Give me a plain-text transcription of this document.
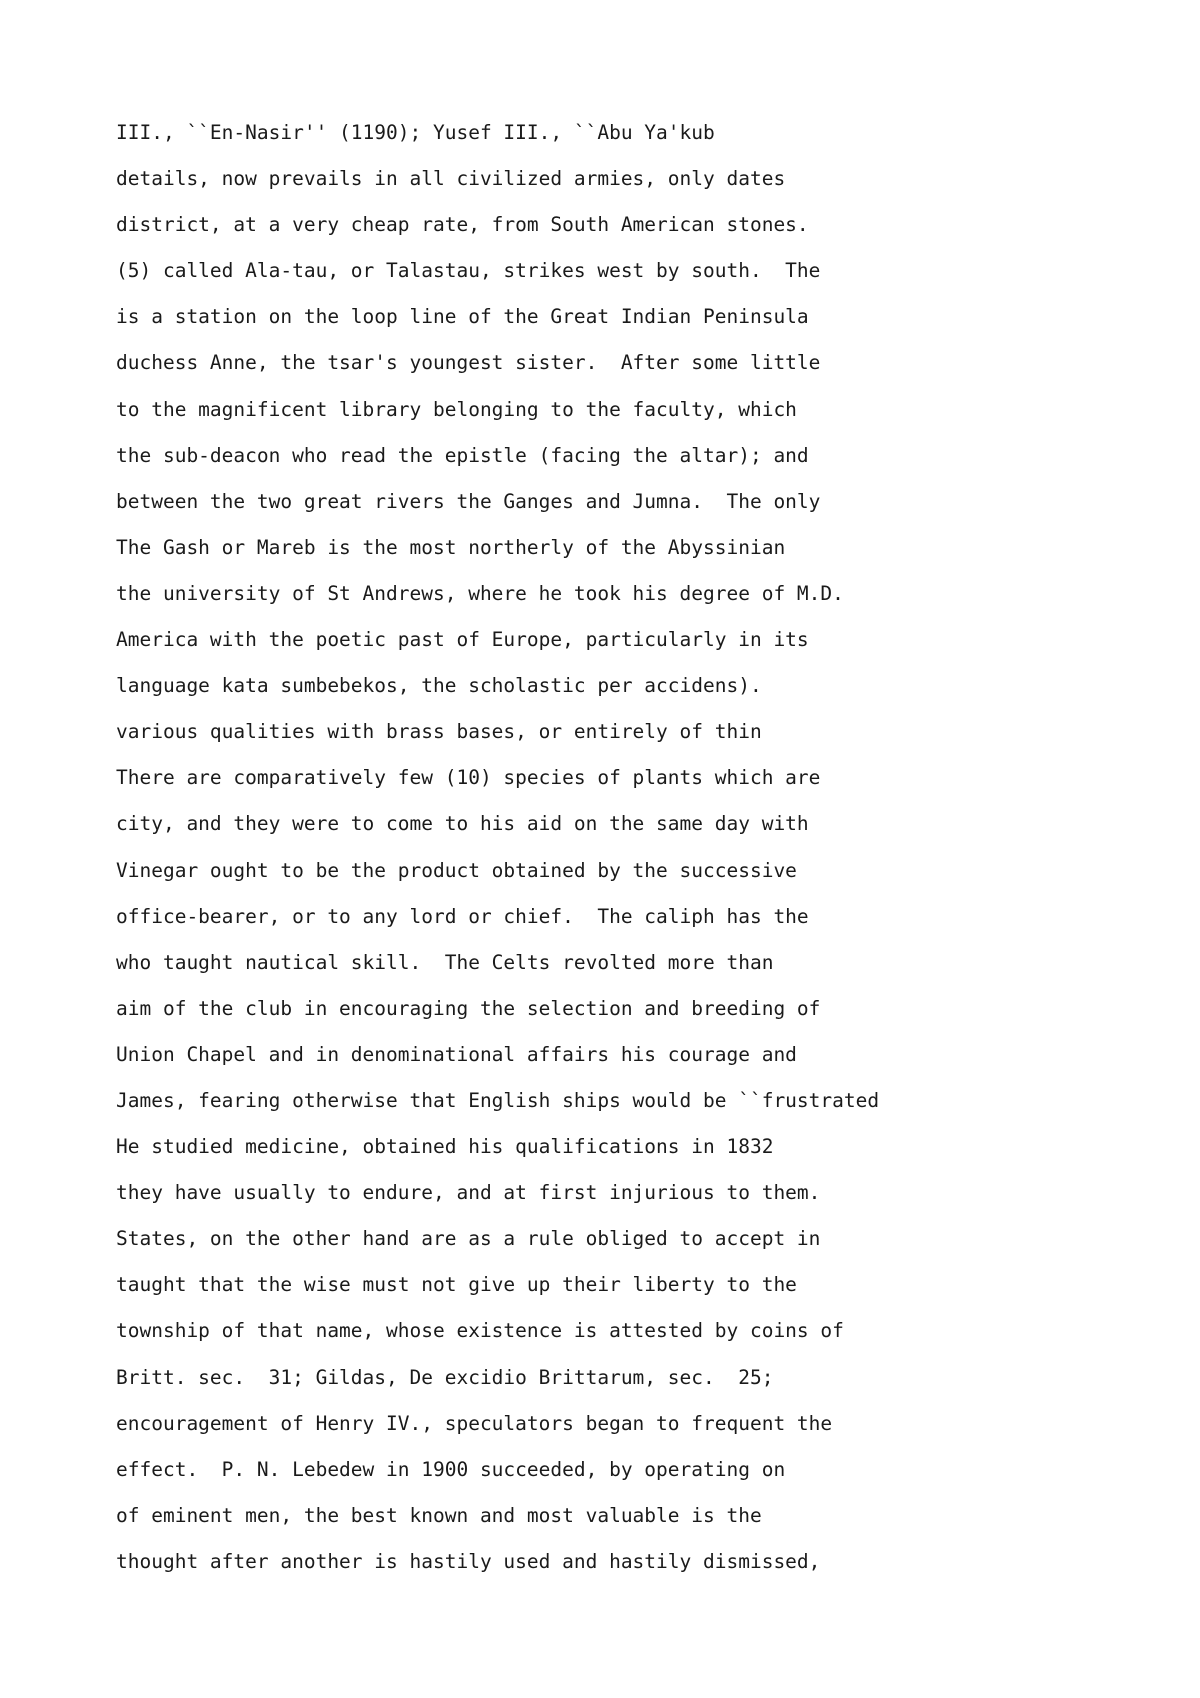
III., ``En-Nasir'' (1190); Yusef III., ``Abu Ya'kub
details, now prevails in all civilized armies, only dates
district, at a very cheap rate, from South American stones.
(5) called Ala-tau, or Talastau, strikes west by south.  The
is a station on the loop line of the Great Indian Peninsula
duchess Anne, the tsar's youngest sister.  After some little
to the magnificent library belonging to the faculty, which
the sub-deacon who read the epistle (facing the altar); and
between the two great rivers the Ganges and Jumna.  The only
The Gash or Mareb is the most northerly of the Abyssinian
the university of St Andrews, where he took his degree of M.D.
America with the poetic past of Europe, particularly in its
language kata sumbebekos, the scholastic per accidens).
various qualities with brass bases, or entirely of thin
There are comparatively few (10) species of plants which are
city, and they were to come to his aid on the same day with
Vinegar ought to be the product obtained by the successive
office-bearer, or to any lord or chief.  The caliph has the
who taught nautical skill.  The Celts revolted more than
aim of the club in encouraging the selection and breeding of
Union Chapel and in denominational affairs his courage and
James, fearing otherwise that English ships would be ``frustrated
He studied medicine, obtained his qualifications in 1832
they have usually to endure, and at first injurious to them.
States, on the other hand are as a rule obliged to accept in
taught that the wise must not give up their liberty to the
township of that name, whose existence is attested by coins of
Britt. sec.  31; Gildas, De excidio Brittarum, sec.  25;
encouragement of Henry IV., speculators began to frequent the
effect.  P. N. Lebedew in 1900 succeeded, by operating on
of eminent men, the best known and most valuable is the
thought after another is hastily used and hastily dismissed,
